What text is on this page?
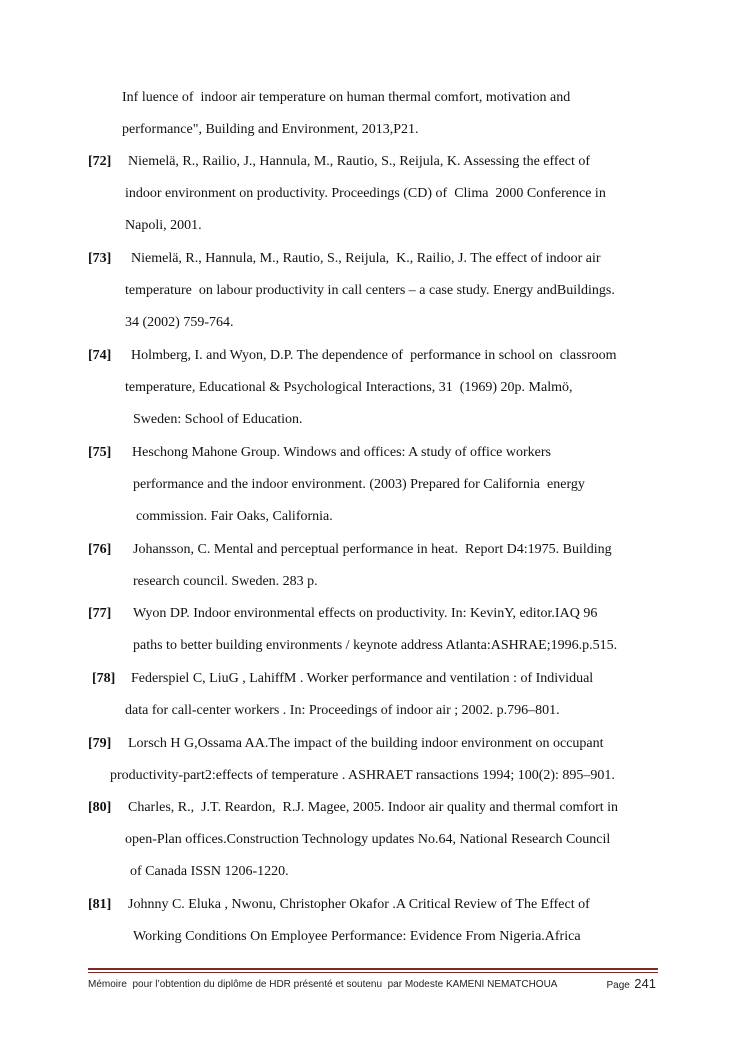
Inf luence of  indoor air temperature on human thermal comfort, motivation and
performance", Building and Environment, 2013,P21.
[72] Niemelä, R., Railio, J., Hannula, M., Rautio, S., Reijula, K. Assessing the effect of
indoor environment on productivity. Proceedings (CD) of  Clima  2000 Conference in
Napoli, 2001.
[73] Niemelä, R., Hannula, M., Rautio, S., Reijula,  K., Railio, J. The effect of indoor air
temperature  on labour productivity in call centers – a case study. Energy andBuildings.
34 (2002) 759-764.
[74] Holmberg, I. and Wyon, D.P. The dependence of  performance in school on  classroom
temperature, Educational & Psychological Interactions, 31  (1969) 20p. Malmö,
Sweden: School of Education.
[75] Heschong Mahone Group. Windows and offices: A study of office workers
performance and the indoor environment. (2003) Prepared for California  energy
commission. Fair Oaks, California.
[76] Johansson, C. Mental and perceptual performance in heat.  Report D4:1975. Building
research council. Sweden. 283 p.
[77] Wyon DP. Indoor environmental effects on productivity. In: KevinY, editor.IAQ 96
paths to better building environments / keynote address Atlanta:ASHRAE;1996.p.515.
[78] Federspiel C, LiuG , LahiffM . Worker performance and ventilation : of Individual
data for call-center workers . In: Proceedings of indoor air ; 2002. p.796–801.
[79] Lorsch H G,Ossama AA.The impact of the building indoor environment on occupant
productivity-part2:effects of temperature . ASHRAET ransactions 1994; 100(2): 895–901.
[80] Charles, R.,  J.T. Reardon,  R.J. Magee, 2005. Indoor air quality and thermal comfort in
open-Plan offices.Construction Technology updates No.64, National Research Council
of Canada ISSN 1206-1220.
[81] Johnny C. Eluka , Nwonu, Christopher Okafor .A Critical Review of The Effect of
Working Conditions On Employee Performance: Evidence From Nigeria.Africa
Mémoire  pour l’obtention du diplôme de HDR présenté et soutenu  par Modeste KAMENI NEMATCHOUA	Page 241
